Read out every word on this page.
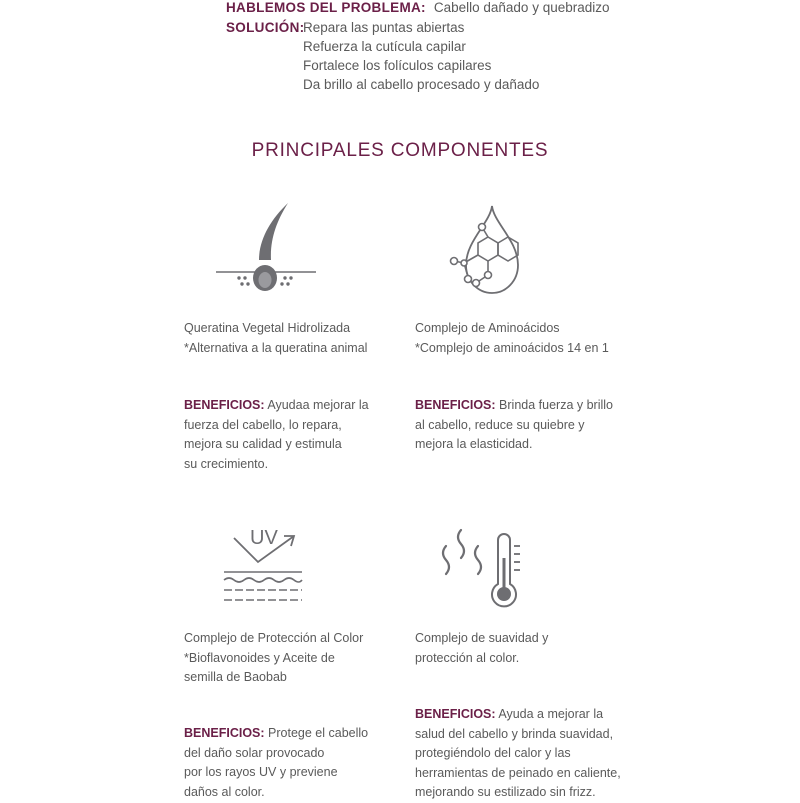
HABLEMOS DEL PROBLEMA: Cabello dañado y quebradizo
SOLUCIÓN:
Repara las puntas abiertas
Refuerza la cutícula capilar
Fortalece los folículos capilares
Da brillo al cabello procesado y dañado
PRINCIPALES COMPONENTES
UV
Queratina Vegetal Hidrolizada
*Alternativa a la queratina animal
BENEFICIOS: Ayudaa mejorar la
fuerza del cabello, lo repara,
mejora su calidad y estimula
su crecimiento.
Complejo de Aminoácidos
*Complejo de aminoácidos 14 en 1
BENEFICIOS: Brinda fuerza y brillo
al cabello, reduce su quiebre y
mejora la elasticidad.
Complejo de Protección al Color
*Bioflavonoides y Aceite de
semilla de Baobab
BENEFICIOS: Protege el cabello
del daño solar provocado
por los rayos UV y previene
daños al color.
Complejo de suavidad y
protección al color.
BENEFICIOS: Ayuda a mejorar la
salud del cabello y brinda suavidad,
protegiéndolo del calor y las
herramientas de peinado en caliente,
mejorando su estilizado sin frizz.
